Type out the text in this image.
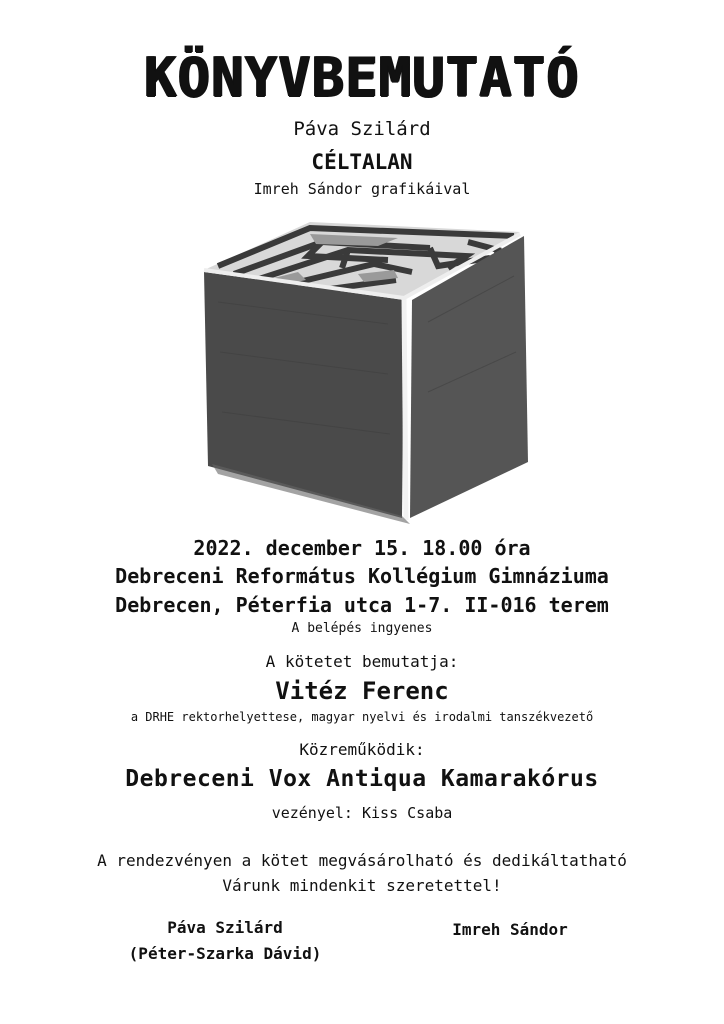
KÖNYVBEMUTATÓ
Páva Szilárd
CÉLTALAN
Imreh Sándor grafikáival
2022. december 15. 18.00 óra
Debreceni Református Kollégium Gimnáziuma
Debrecen, Péterfia utca 1-7. II-016 terem
A belépés ingyenes
A kötetet bemutatja:
Vitéz Ferenc
a DRHE rektorhelyettese, magyar nyelvi és irodalmi tanszékvezető
Közreműködik:
Debreceni Vox Antiqua Kamarakórus
vezényel: Kiss Csaba
A rendezvényen a kötet megvásárolható és dedikáltatható
Várunk mindenkit szeretettel!
Páva Szilárd
(Péter-Szarka Dávid)
Imreh Sándor
